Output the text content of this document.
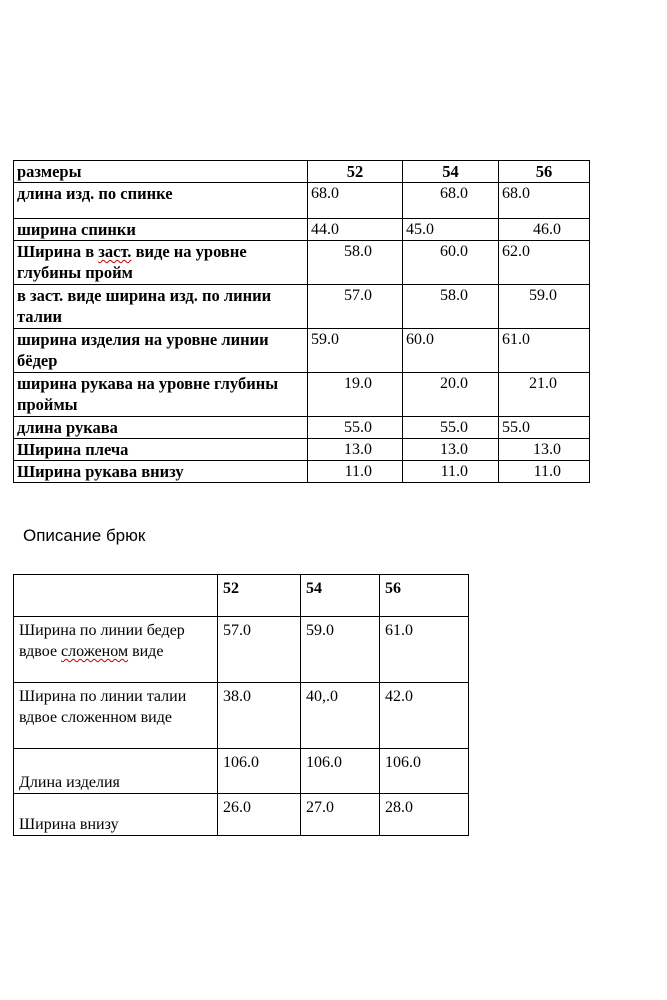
размеры	52	54	56
длина изд. по спинке	68.0	68.0	68.0
ширина спинки	44.0	45.0	46.0
Ширина в заст. виде на уровне глубины пройм	58.0	60.0	62.0
в заст. виде ширина изд. по линии талии	57.0	58.0	59.0
ширина изделия на уровне линии бёдер	59.0	60.0	61.0
ширина рукава на уровне глубины проймы	19.0	20.0	21.0
длина рукава	55.0	55.0	55.0
Ширина плеча	13.0	13.0	13.0
Ширина рукава внизу	11.0	11.0	11.0
Описание брюк
	52	54	56
Ширина по линии бедер вдвое сложеном виде	57.0	59.0	61.0
Ширина по линии талии вдвое сложенном виде	38.0	40,.0	42.0
Длина изделия	106.0	106.0	106.0
Ширина внизу	26.0	27.0	28.0
